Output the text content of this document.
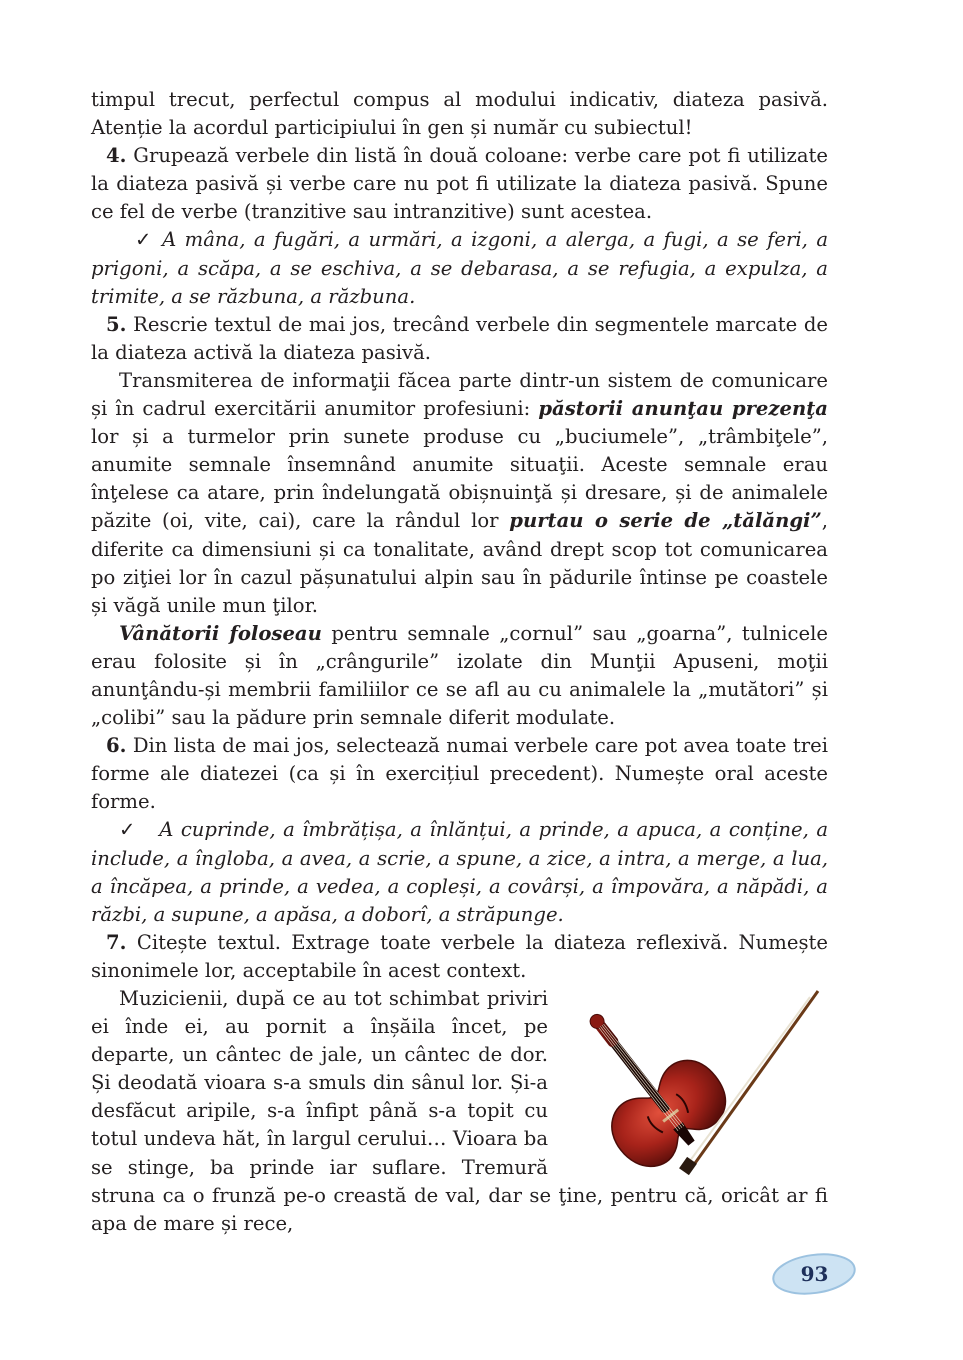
timpul trecut, perfectul compus al modului indicativ, diateza pasivă.

Atenție la acordul participiului în gen și număr cu subiectul!

4. Grupează verbele din listă în două coloane: verbe care pot fi utilizate la diateza pasivă și verbe care nu pot fi utilizate la diateza pasivă. Spune ce fel de verbe (tranzitive sau intranzitive) sunt acestea.

✓ A mâna, a fugări, a urmări, a izgoni, a alerga, a fugi, a se feri, a prigoni, a scăpa, a se eschiva, a se debarasa, a se refugia, a expulza, a trimite, a se răzbuna, a răzbuna.

5. Rescrie textul de mai jos, trecând verbele din segmentele marcate de la diateza activă la diateza pasivă.

Transmiterea de informaţii făcea parte dintr-un sistem de comunicare și în cadrul exercitării anumitor profesiuni: păstorii anunţau prezenţa lor și a turmelor prin sunete produse cu „buciumele”, „trâmbiţele”, anumite semnale însemnând anumite situaţii. Aceste semnale erau înţelese ca atare, prin îndelungată obișnuinţă și dresare, și de animalele păzite (oi, vite, cai), care la rândul lor purtau o serie de „tălăngi”, diferite ca dimensiuni și ca tonalitate, având drept scop tot comunicarea po ziţiei lor în cazul pășunatului alpin sau în pădurile întinse pe coastele și văgă unile mun ţilor.

Vânătorii foloseau pentru semnale „cornul” sau „goarna”, tulnicele erau folosite și în „crângurile” izolate din Munţii Apuseni, moţii anunţându-și membrii familiilor ce se afl au cu animalele la „mutători” și „colibi” sau la pădure prin semnale diferit modulate.

6. Din lista de mai jos, selectează numai verbele care pot avea toate trei forme ale diatezei (ca și în exercițiul precedent). Numește oral aceste forme.

✓ A cuprinde, a îmbrățișa, a înlănțui, a prinde, a apuca, a conține, a include, a îngloba, a avea, a scrie, a spune, a zice, a intra, a merge, a lua, a încăpea, a prinde, a vedea, a copleși, a covârși, a împovăra, a năpădi, a răzbi, a supune, a apăsa, a doborî, a străpunge.

7. Citește textul. Extrage toate verbele la diateza reflexivă. Numește sinonimele lor, acceptabile în acest context.

Muzicienii, după ce au tot schimbat priviri ei înde ei, au pornit a înșăila încet, pe departe, un cântec de jale, un cântec de dor. Și deodată vioara s-a smuls din sânul lor. Și-a desfăcut aripile, s-a înfipt până s-a topit cu totul undeva hăt, în largul cerului… Vioara ba se stinge, ba prinde iar suflare. Tremură struna ca o frunză pe-o creastă de val, dar se ţine, pentru că, oricât ar fi apa de mare și rece,

93
